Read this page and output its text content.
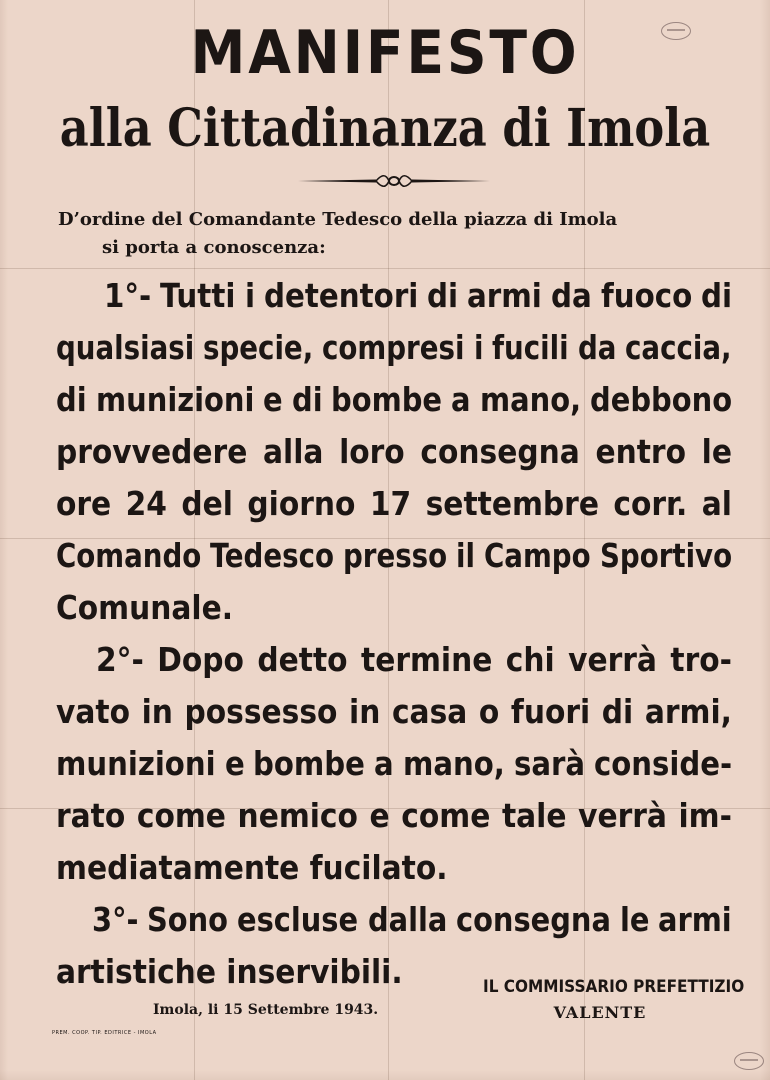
MANIFESTO
alla Cittadinanza di Imola
D’ordine del Comandante Tedesco della piazza di Imola
si porta a conoscenza:
1°- Tutti i detentori di armi da fuoco di
qualsiasi specie, compresi i fucili da caccia,
di munizioni e di bombe a mano, debbono
provvedere alla loro consegna entro le
ore 24 del giorno 17 settembre corr. al
Comando Tedesco presso il Campo Sportivo
Comunale.
2°- Dopo detto termine chi verrà tro-
vato in possesso in casa o fuori di armi,
munizioni e bombe a mano, sarà conside-
rato come nemico e come tale verrà im-
mediatamente fucilato.
3°- Sono escluse dalla consegna le armi
artistiche inservibili.
Imola, li 15 Settembre 1943.
PREM. COOP. TIP. EDITRICE - IMOLA
IL COMMISSARIO PREFETTIZIO
VALENTE
